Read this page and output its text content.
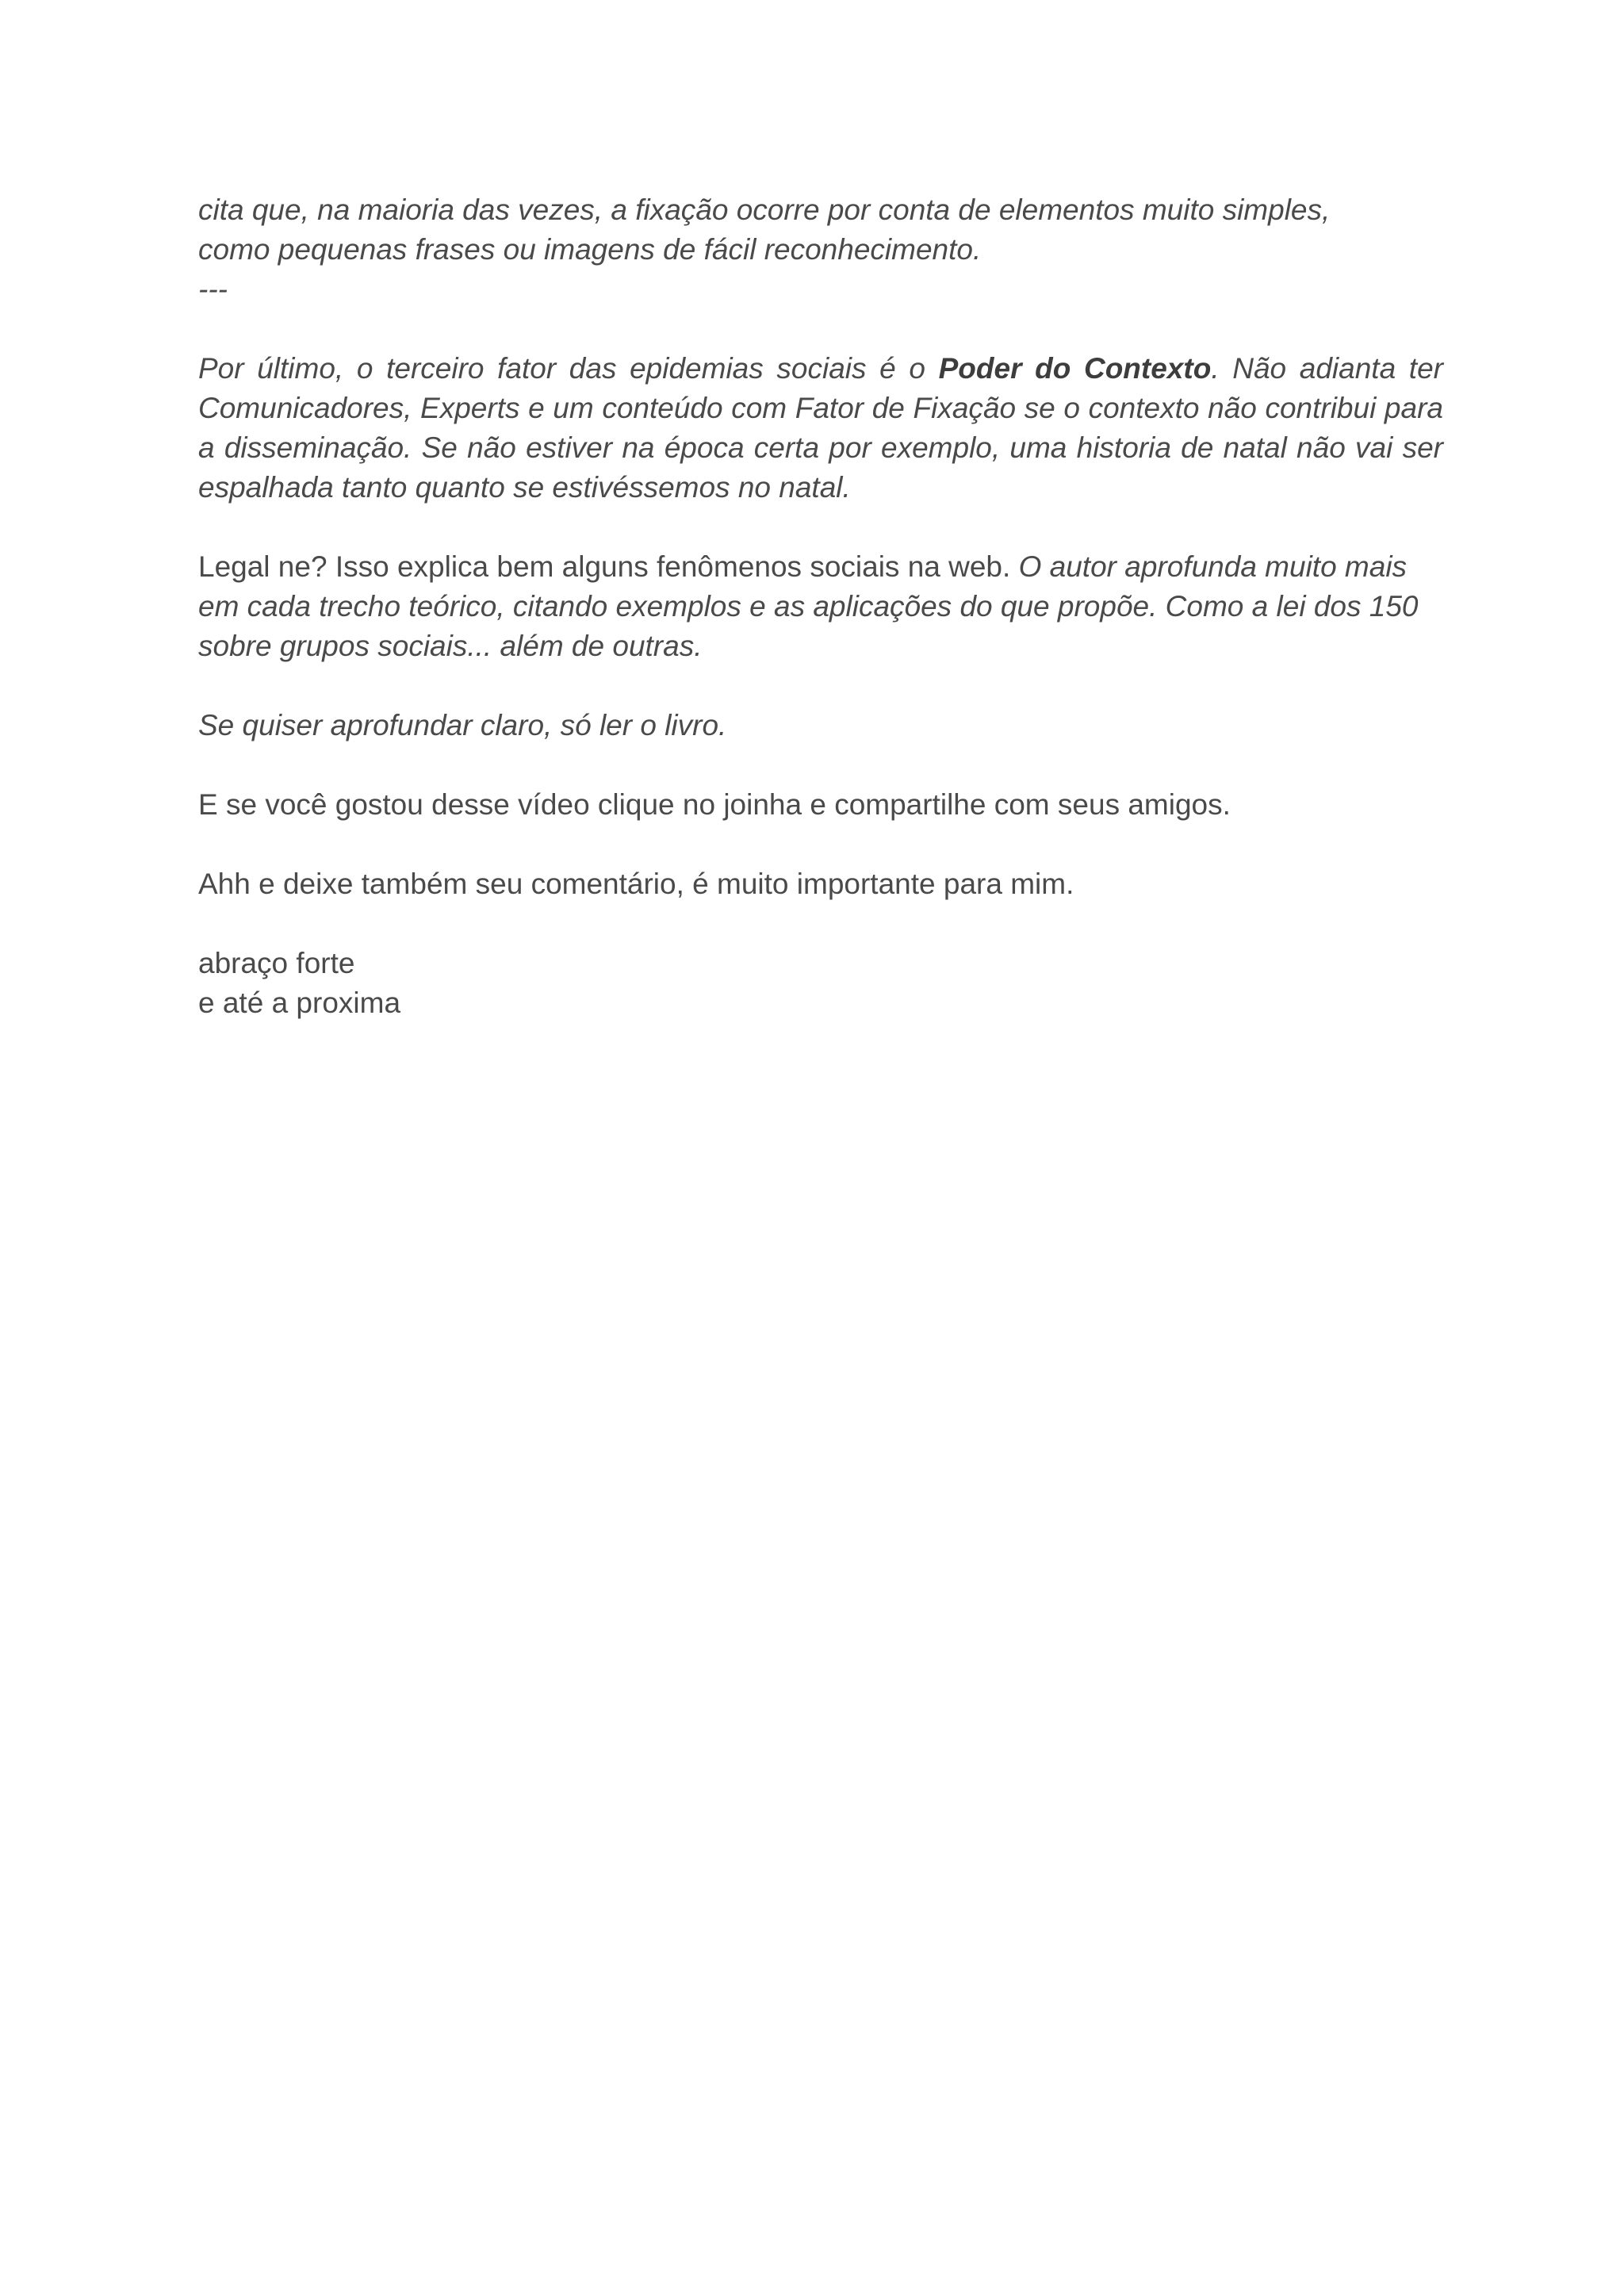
cita que, na maioria das vezes, a fixação ocorre por conta de elementos muito simples,
como pequenas frases ou imagens de fácil reconhecimento.
---

Por último, o terceiro fator das epidemias sociais é o Poder do Contexto. Não adianta ter Comunicadores, Experts e um conteúdo com Fator de Fixação se o contexto não contribui para a disseminação. Se não estiver na época certa por exemplo, uma historia de natal não vai ser espalhada tanto quanto se estivéssemos no natal.

Legal ne? Isso explica bem alguns fenômenos sociais na web. O autor aprofunda muito mais em cada trecho teórico, citando exemplos e as aplicações do que propõe. Como a lei dos 150 sobre grupos sociais... além de outras.

Se quiser aprofundar claro, só ler o livro.

E se você gostou desse vídeo clique no joinha e compartilhe com seus amigos.

Ahh e deixe também seu comentário, é muito importante para mim.

abraço forte
e até a proxima
